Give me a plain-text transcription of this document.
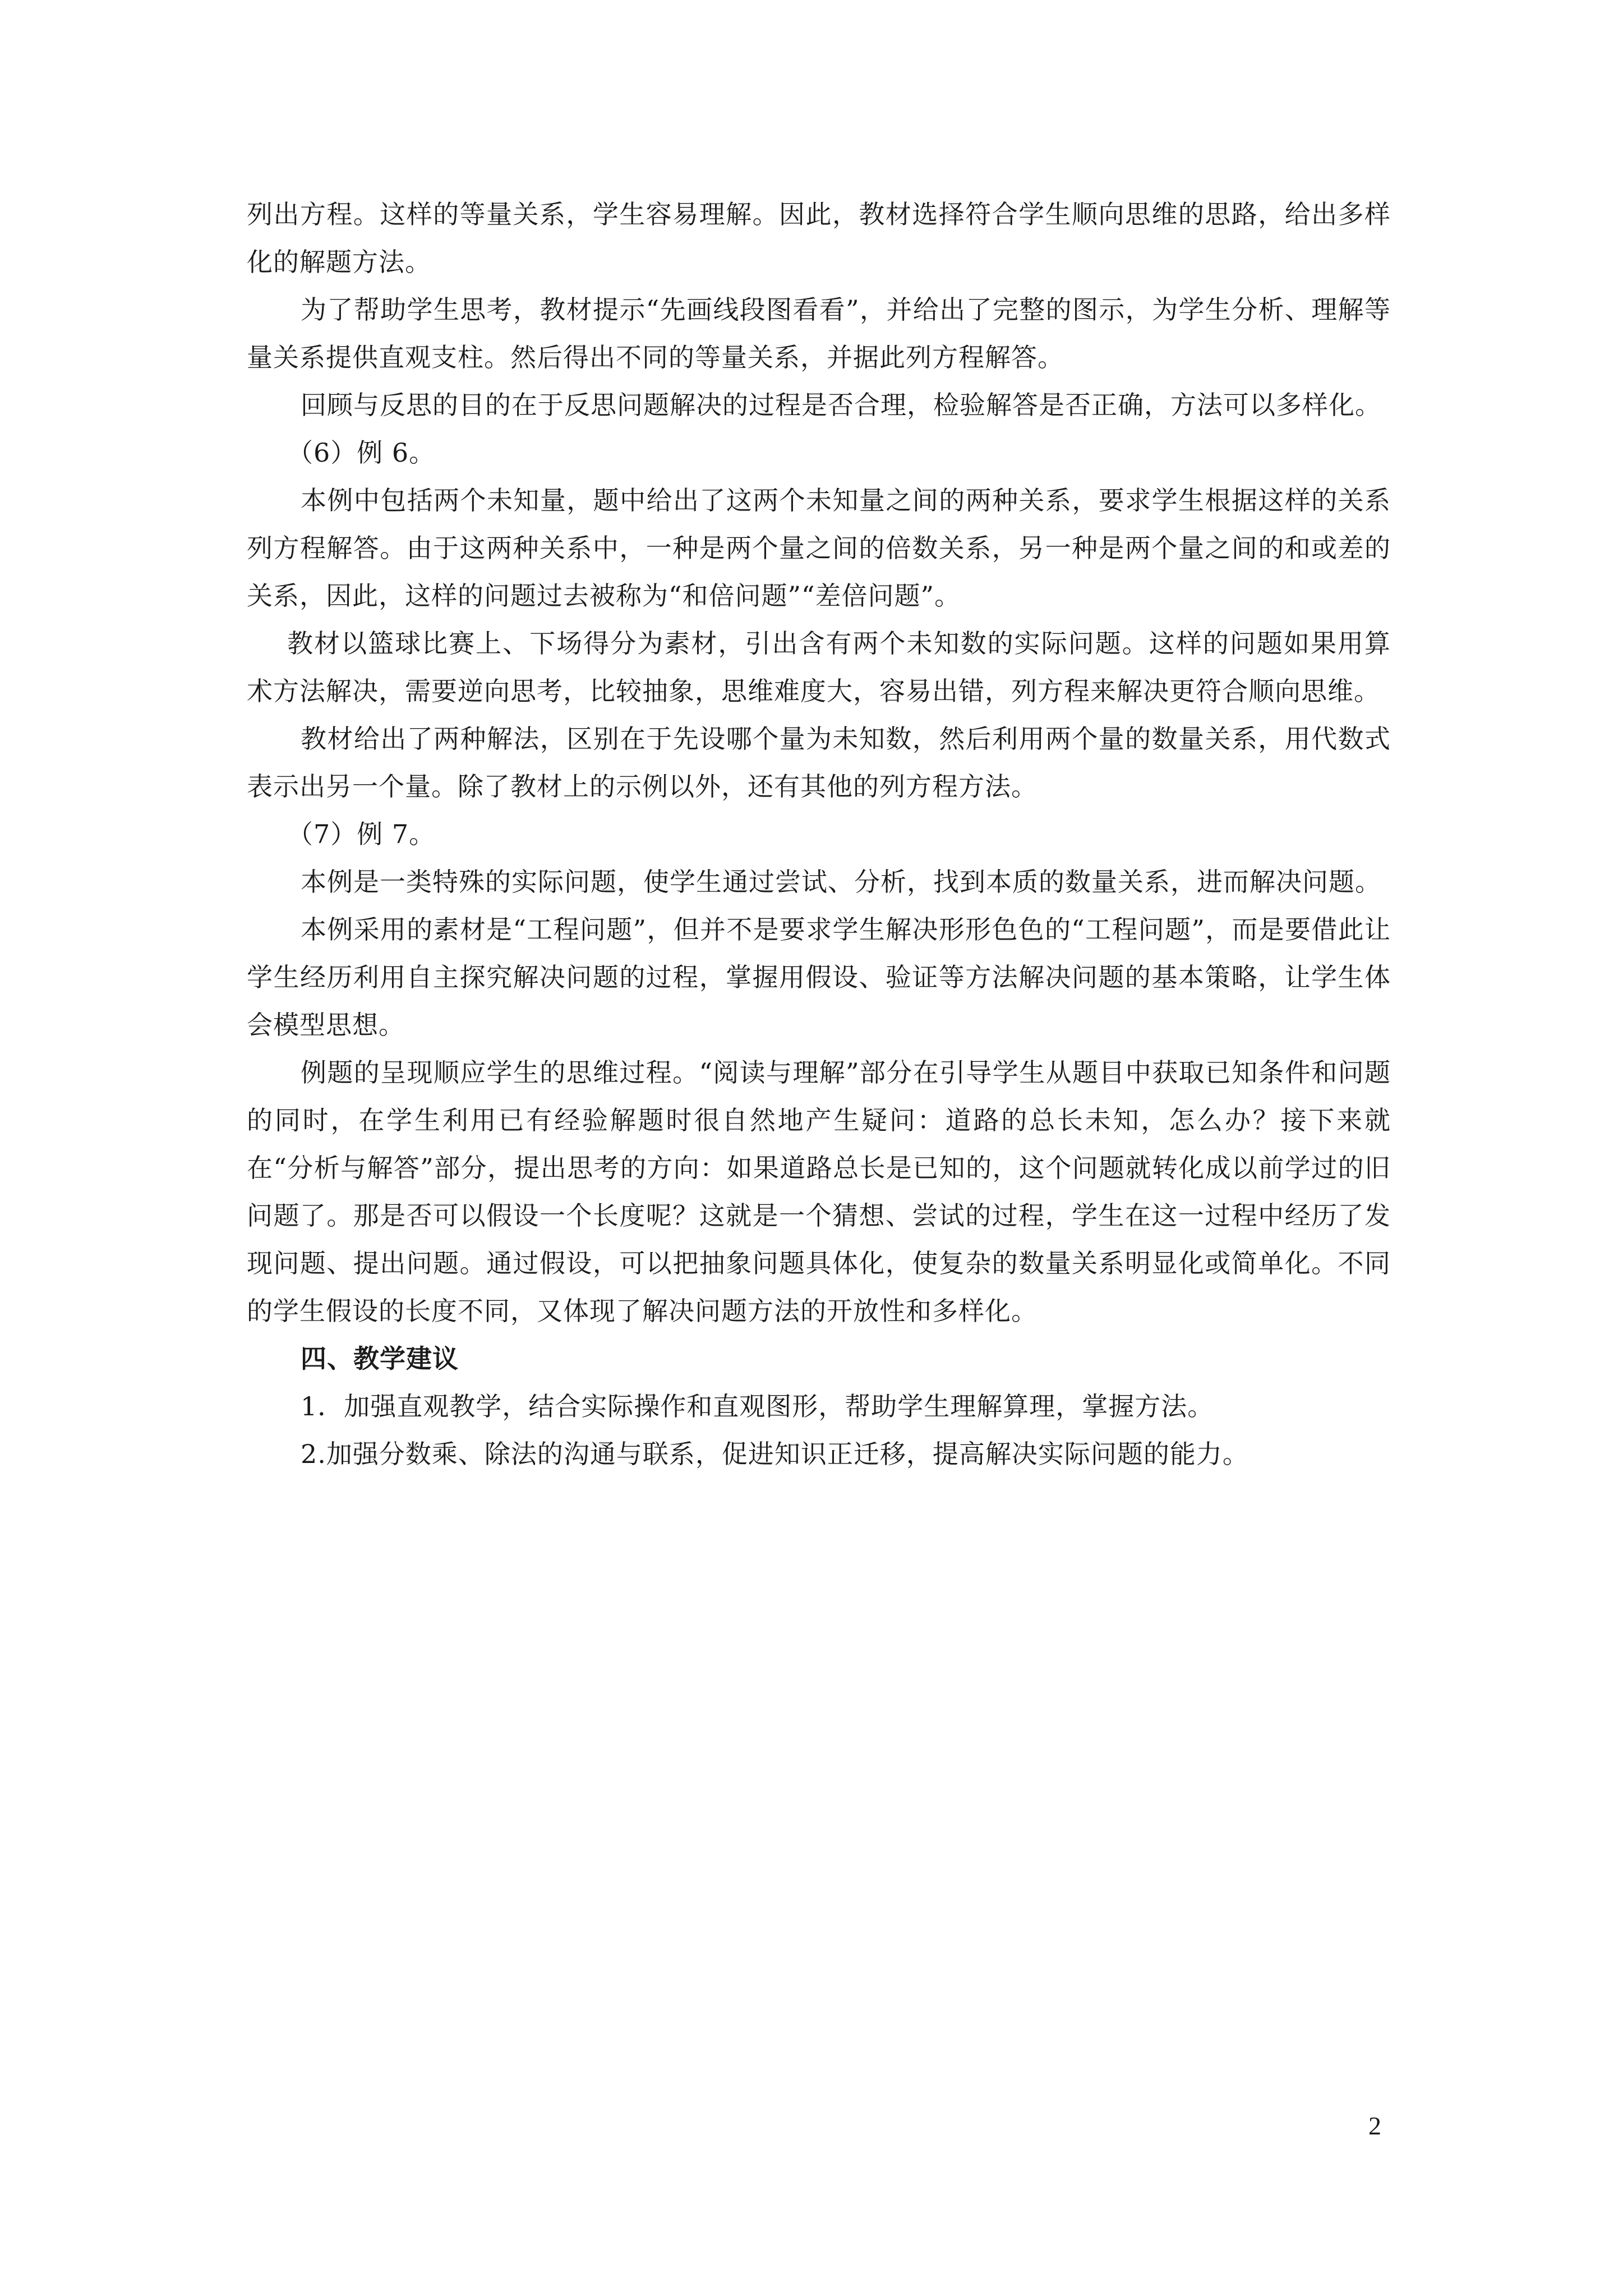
列出方程。这样的等量关系，学生容易理解。因此，教材选择符合学生顺向思维的思路，给出多样化的解题方法。

为了帮助学生思考，教材提示“先画线段图看看”，并给出了完整的图示，为学生分析、理解等量关系提供直观支柱。然后得出不同的等量关系，并据此列方程解答。

回顾与反思的目的在于反思问题解决的过程是否合理，检验解答是否正确，方法可以多样化。

（6）例 6。

本例中包括两个未知量，题中给出了这两个未知量之间的两种关系，要求学生根据这样的关系列方程解答。由于这两种关系中，一种是两个量之间的倍数关系，另一种是两个量之间的和或差的关系，因此，这样的问题过去被称为“和倍问题”“差倍问题”。

教材以篮球比赛上、下场得分为素材，引出含有两个未知数的实际问题。这样的问题如果用算术方法解决，需要逆向思考，比较抽象，思维难度大，容易出错，列方程来解决更符合顺向思维。

教材给出了两种解法，区别在于先设哪个量为未知数，然后利用两个量的数量关系，用代数式表示出另一个量。除了教材上的示例以外，还有其他的列方程方法。

（7）例 7。

本例是一类特殊的实际问题，使学生通过尝试、分析，找到本质的数量关系，进而解决问题。

本例采用的素材是“工程问题”，但并不是要求学生解决形形色色的“工程问题”，而是要借此让学生经历利用自主探究解决问题的过程，掌握用假设、验证等方法解决问题的基本策略，让学生体会模型思想。

例题的呈现顺应学生的思维过程。“阅读与理解”部分在引导学生从题目中获取已知条件和问题的同时，在学生利用已有经验解题时很自然地产生疑问：道路的总长未知，怎么办？接下来就在“分析与解答”部分，提出思考的方向：如果道路总长是已知的，这个问题就转化成以前学过的旧问题了。那是否可以假设一个长度呢？这就是一个猜想、尝试的过程，学生在这一过程中经历了发现问题、提出问题。通过假设，可以把抽象问题具体化，使复杂的数量关系明显化或简单化。不同的学生假设的长度不同，又体现了解决问题方法的开放性和多样化。

四、教学建议

1．加强直观教学，结合实际操作和直观图形，帮助学生理解算理，掌握方法。

2.加强分数乘、除法的沟通与联系，促进知识正迁移，提高解决实际问题的能力。

2
